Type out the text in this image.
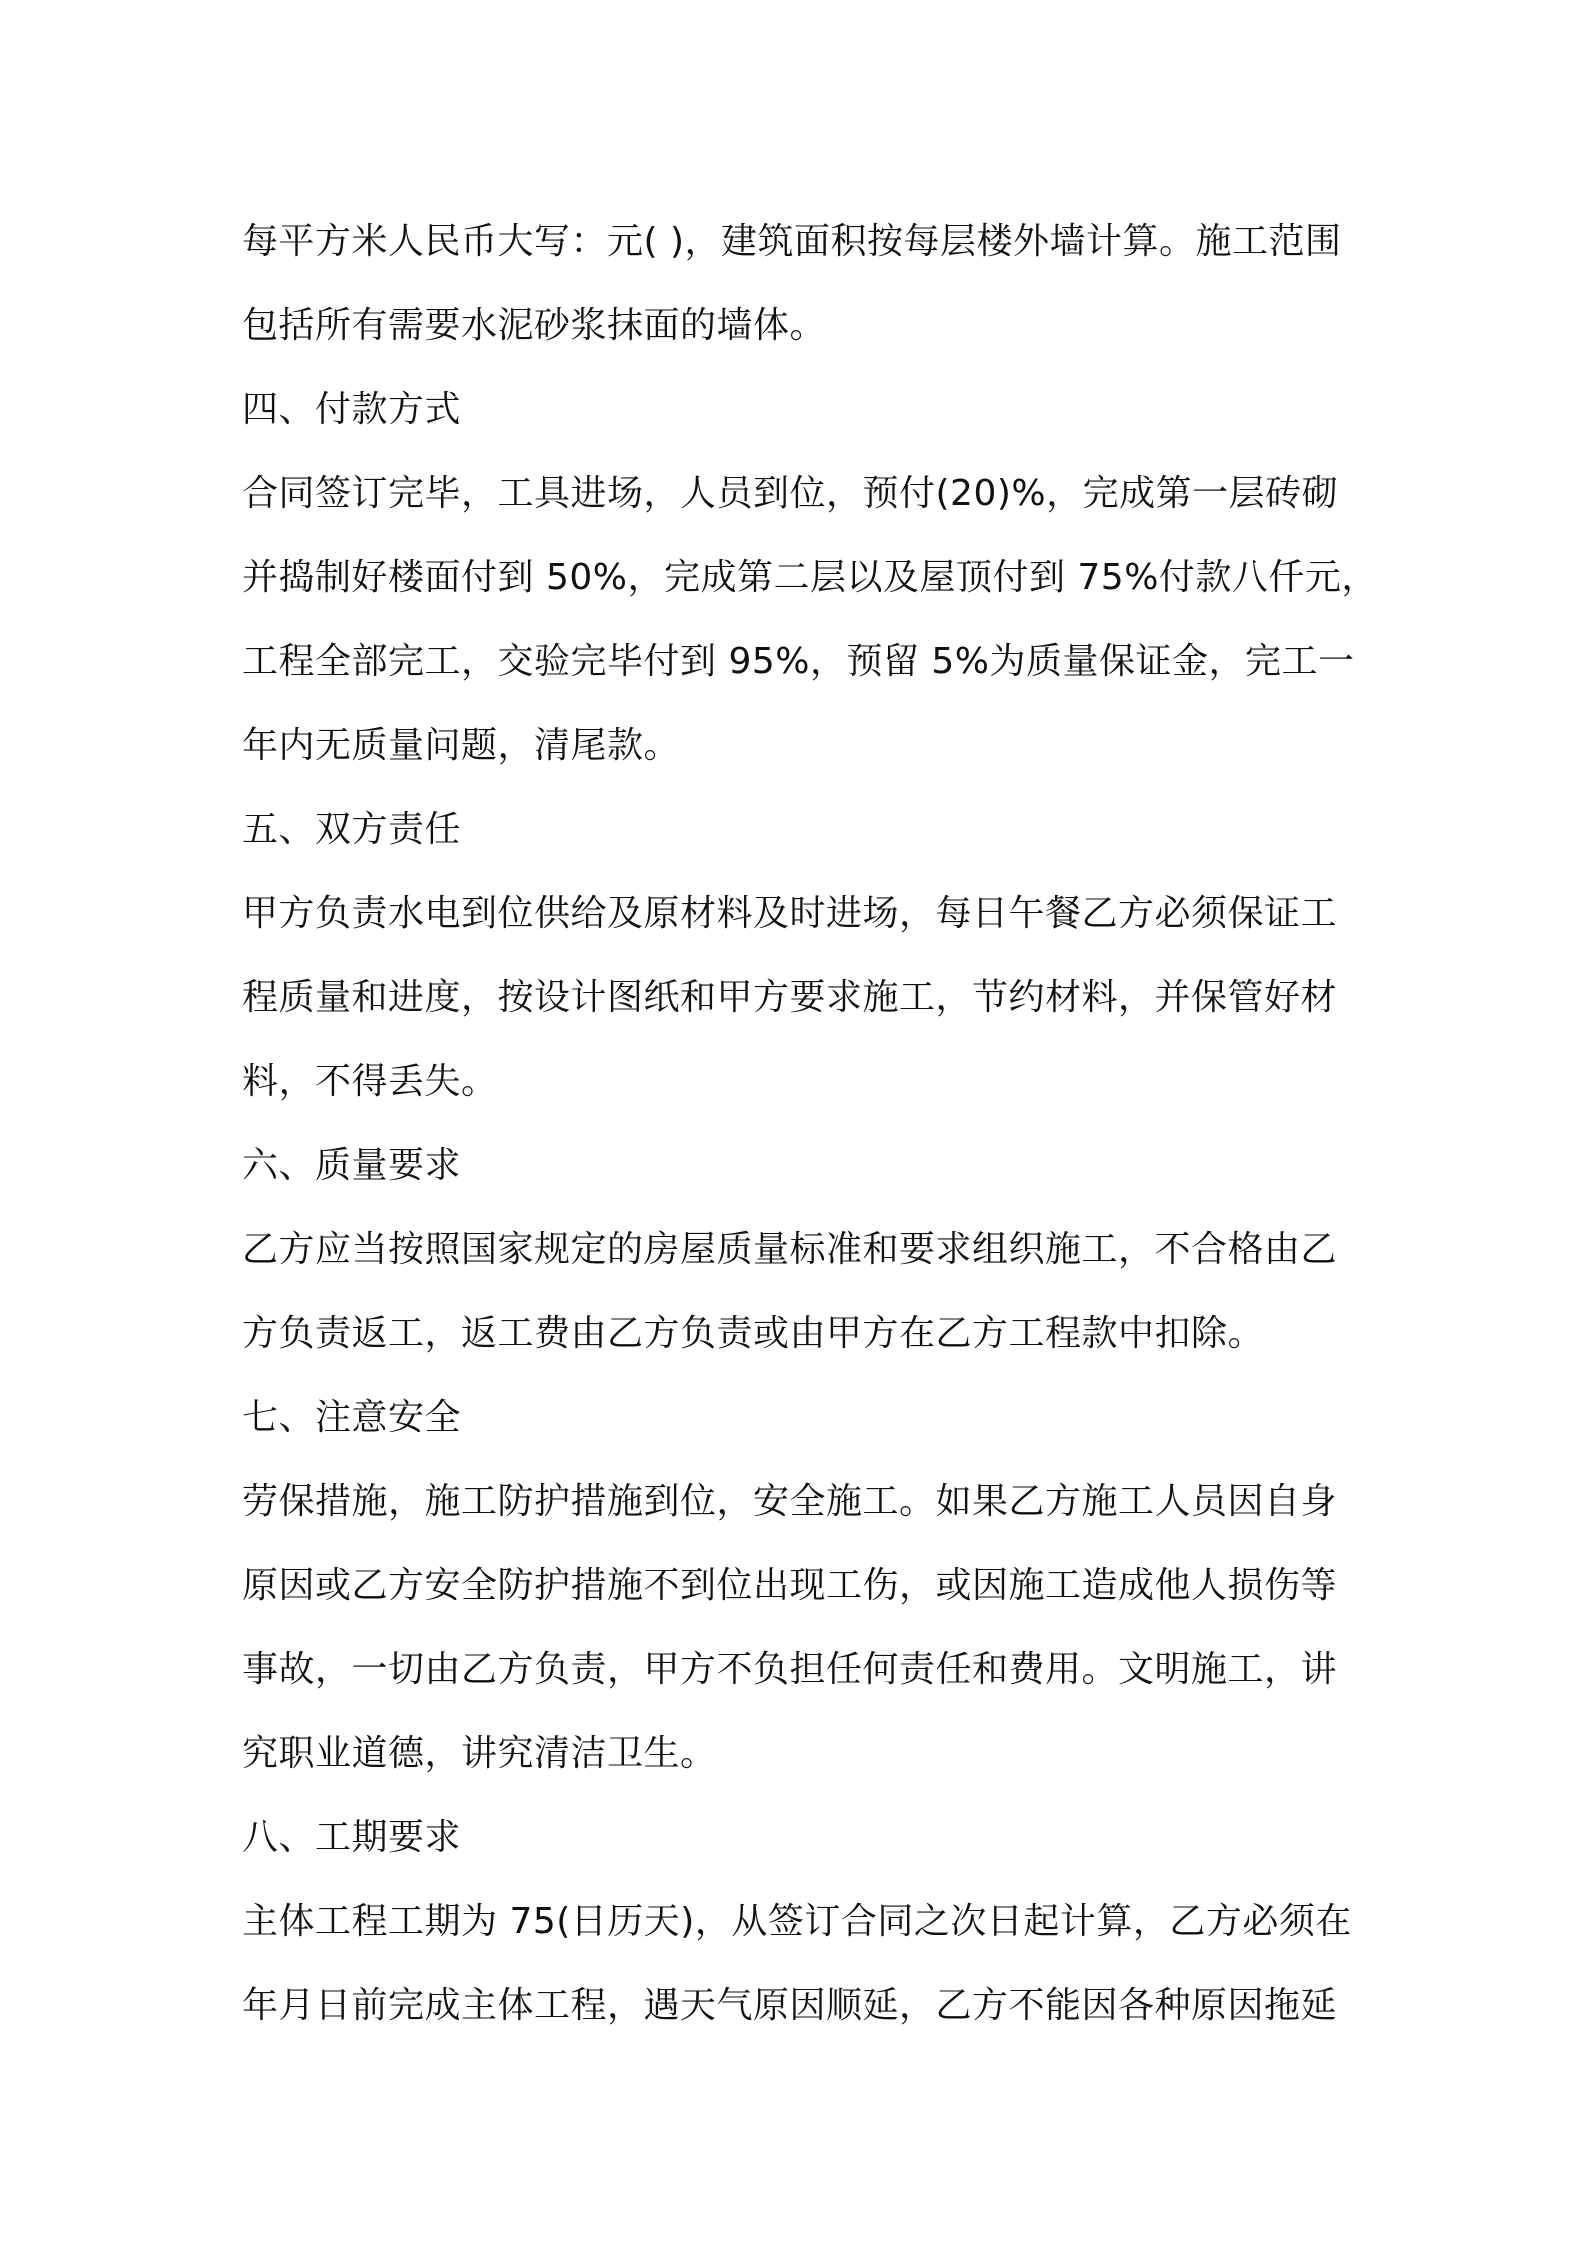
每平方米人民币大写：元( )，建筑面积按每层楼外墙计算。施工范围
包括所有需要水泥砂浆抹面的墙体。
四、付款方式
合同签订完毕，工具进场，人员到位，预付(20)%，完成第一层砖砌
并捣制好楼面付到 50%，完成第二层以及屋顶付到 75%付款八仟元，
工程全部完工，交验完毕付到 95%，预留 5%为质量保证金，完工一
年内无质量问题，清尾款。
五、双方责任
甲方负责水电到位供给及原材料及时进场，每日午餐乙方必须保证工
程质量和进度，按设计图纸和甲方要求施工，节约材料，并保管好材
料，不得丢失。
六、质量要求
乙方应当按照国家规定的房屋质量标准和要求组织施工，不合格由乙
方负责返工，返工费由乙方负责或由甲方在乙方工程款中扣除。
七、注意安全
劳保措施，施工防护措施到位，安全施工。如果乙方施工人员因自身
原因或乙方安全防护措施不到位出现工伤，或因施工造成他人损伤等
事故，一切由乙方负责，甲方不负担任何责任和费用。文明施工，讲
究职业道德，讲究清洁卫生。
八、工期要求
主体工程工期为 75(日历天)，从签订合同之次日起计算，乙方必须在
年月日前完成主体工程，遇天气原因顺延，乙方不能因各种原因拖延
